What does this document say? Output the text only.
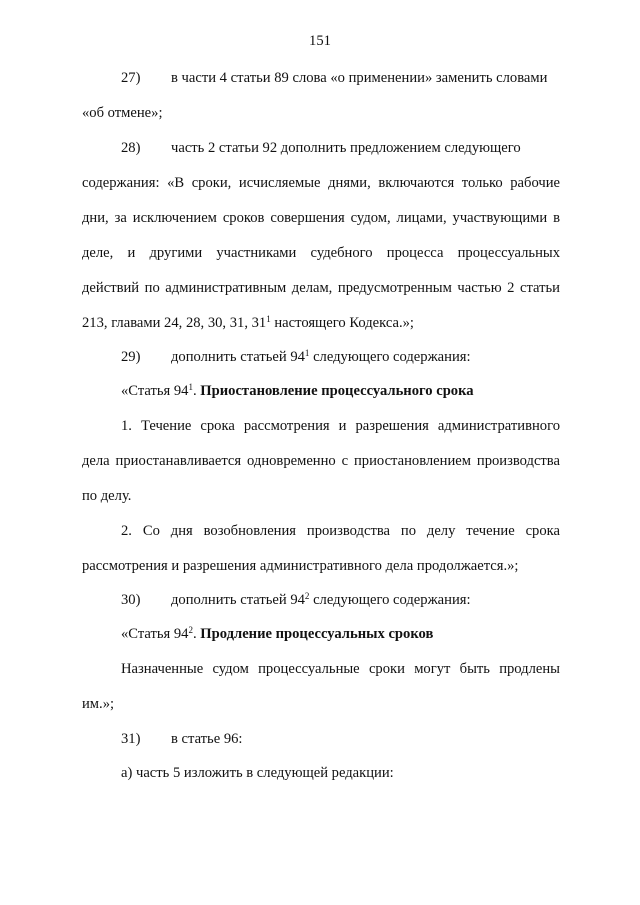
151
27) в части 4 статьи 89 слова «о применении» заменить словами
«об отмене»;
28) часть 2 статьи 92 дополнить предложением следующего
содержания: «В сроки, исчисляемые днями, включаются только рабочие
дни, за исключением сроков совершения судом, лицами, участвующими в
деле, и другими участниками судебного процесса процессуальных
действий по административным делам, предусмотренным частью 2 статьи
213, главами 24, 28, 30, 31, $31^1$ настоящего Кодекса.»;
29) дополнить статьей $94^1$ следующего содержания:
«Статья $94^1$. Приостановление процессуального срока
1. Течение срока рассмотрения и разрешения административного
дела приостанавливается одновременно с приостановлением производства
по делу.
2. Со дня возобновления производства по делу течение срока
рассмотрения и разрешения административного дела продолжается.»;
30) дополнить статьей $94^2$ следующего содержания:
«Статья $94^2$. Продление процессуальных сроков
Назначенные судом процессуальные сроки могут быть продлены
им.»;
31) в статье 96:
а) часть 5 изложить в следующей редакции:
